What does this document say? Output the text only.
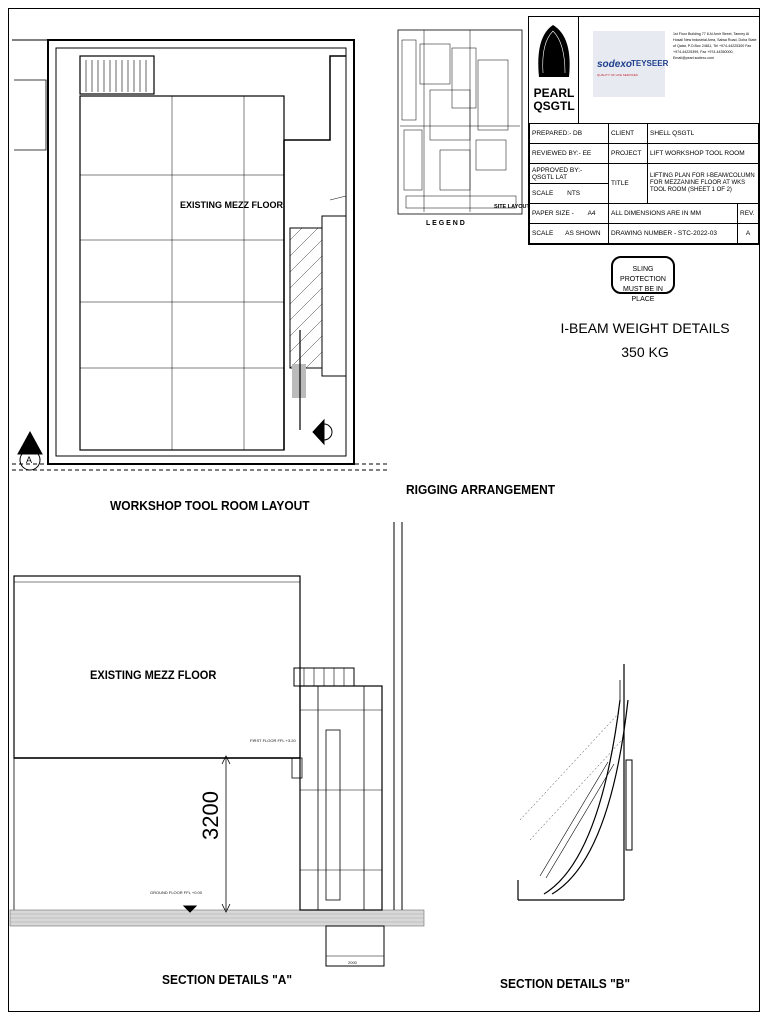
PEARL
QSGTL
sodexo
TEYSEER
QUALITY OF LIFE SERVICES
1st Floor Building 77 8 Al Amir Street, Tammy Al Hosaii New Industrial Area, Salwa Road, Doha State of Qatar, P.O.Box 24811, Tel +974-44225300 Fax +974-44225399, Fax +974-44350000, Email@pearl.sodexo.com
PREPARED:- DB	CLIENT	SHELL QSGTL	
REVIEWED BY:- EE	PROJECT	LIFT WORKSHOP TOOL ROOM	
APPROVED BY:- QSGTL LAT	TITLE	LIFTING PLAN FOR I-BEAM/COLUMN FOR MEZZANINE FLOOR AT WKS TOOL ROOM (SHEET 1 OF 2)	
SCALE NTS			
PAPER SIZE - A4	ALL DIMENSIONS ARE IN MM		REV.
SCALE AS SHOWN	DRAWING NUMBER - STC-2022-03		A
SLING PROTECTION
MUST BE IN PLACE
I-BEAM WEIGHT DETAILS
350 KG
WORKSHOP TOOL ROOM LAYOUT
RIGGING ARRANGEMENT
SECTION DETAILS "A"	SECTION DETAILS "B"
EXISTING MEZZ FLOOR
EXISTING MEZZ FLOOR
SITE LAYOUT
L E G E N D
3200
A
GROUND FLOOR FFL +0.00
FIRST FLOOR FFL +3.20
2000
